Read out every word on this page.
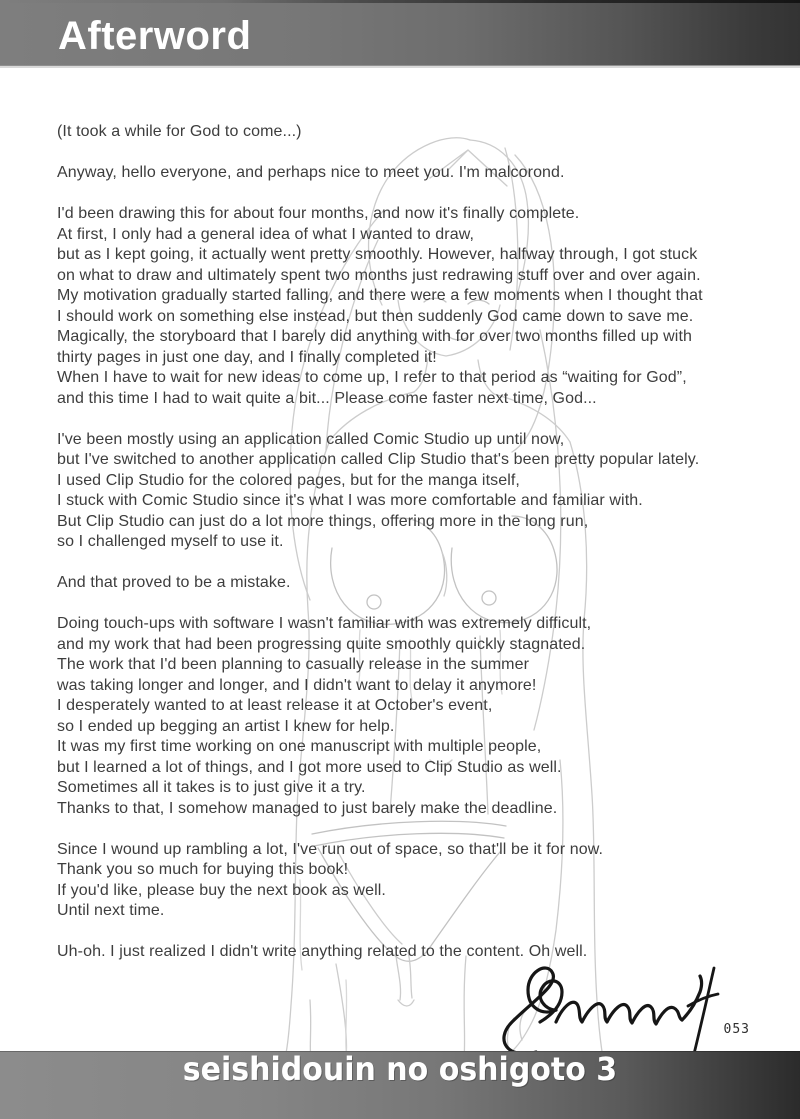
Afterword
(It took a while for God to come...)

Anyway, hello everyone, and perhaps nice to meet you. I'm malcorond.

I'd been drawing this for about four months, and now it's finally complete.
At first, I only had a general idea of what I wanted to draw,
but as I kept going, it actually went pretty smoothly. However, halfway through, I got stuck
on what to draw and ultimately spent two months just redrawing stuff over and over again.
My motivation gradually started falling, and there were a few moments when I thought that
I should work on something else instead, but then suddenly God came down to save me.
Magically, the storyboard that I barely did anything with for over two months filled up with
thirty pages in just one day, and I finally completed it!
When I have to wait for new ideas to come up, I refer to that period as “waiting for God”,
and this time I had to wait quite a bit... Please come faster next time, God...

I've been mostly using an application called Comic Studio up until now,
but I've switched to another application called Clip Studio that's been pretty popular lately.
I used Clip Studio for the colored pages, but for the manga itself,
I stuck with Comic Studio since it's what I was more comfortable and familiar with.
But Clip Studio can just do a lot more things, offering more in the long run,
so I challenged myself to use it.

And that proved to be a mistake.

Doing touch-ups with software I wasn't familiar with was extremely difficult,
and my work that had been progressing quite smoothly quickly stagnated.
The work that I'd been planning to casually release in the summer
was taking longer and longer, and I didn't want to delay it anymore!
I desperately wanted to at least release it at October's event,
so I ended up begging an artist I knew for help.
It was my first time working on one manuscript with multiple people,
but I learned a lot of things, and I got more used to Clip Studio as well.
Sometimes all it takes is to just give it a try.
Thanks to that, I somehow managed to just barely make the deadline.

Since I wound up rambling a lot, I've run out of space, so that'll be it for now.
Thank you so much for buying this book!
If you'd like, please buy the next book as well.
Until next time.

Uh-oh. I just realized I didn't write anything related to the content. Oh well.
053
seishidouin no oshigoto 3
